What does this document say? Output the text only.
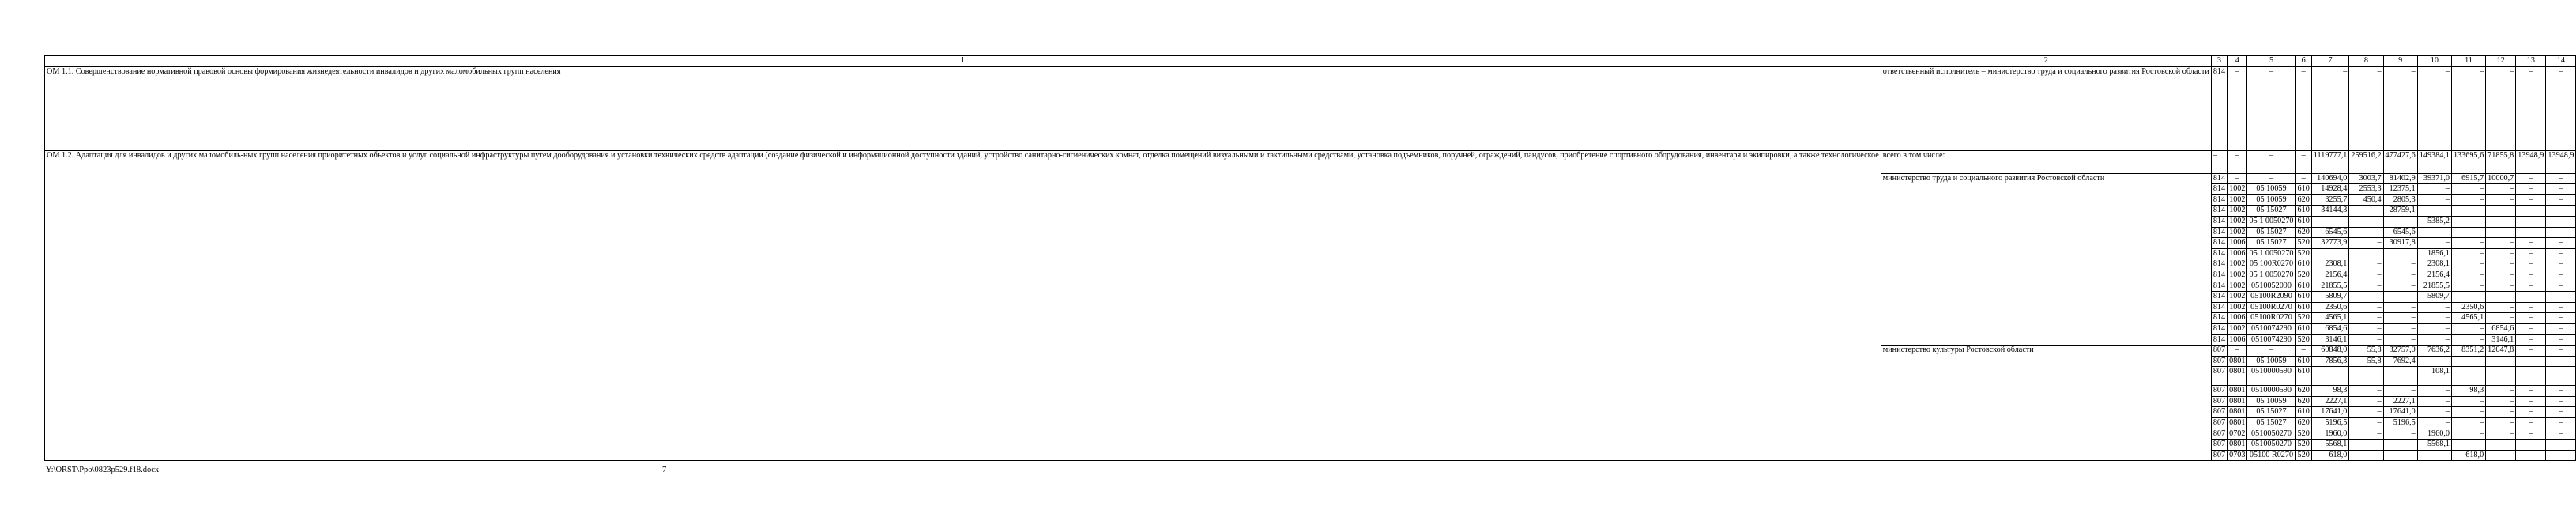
1	2	3	4	5	6	7	8	9	10	11	12	13	14
ОМ 1.1. Совершенствование нормативной правовой основы формирования жизнедеятельности инвалидов и других маломобильных групп населения	ответственный исполнитель – министерство труда и социального развития Ростовской области	814	–	–	–	–	–	–	–	–	–	–	–
ОМ 1.2. Адаптация для инвалидов и других маломобиль-ных групп населения приоритетных объектов и услуг социальной инфраструктуры путем дооборудования и установки технических средств адаптации (создание физической и информационной доступности зданий, устройство санитарно-гигиенических комнат, отделка помещений визуальными и тактильными средствами, установка подъемников, поручней, ограждений, пандусов, приобретение спортивного оборудования, инвентаря и экипировки, а также технологическое	всего в том числе:	–	–	–	–	1119777,1	259516,2	477427,6	149384,1	133695,6	71855,8	13948,9	13948,9
	министерство труда и социального развития Ростовской области	814	–	–	–	140694,0	3003,7	81402,9	39371,0	6915,7	10000,7	–	–
		814	1002	05 10059	610	14928,4	2553,3	12375,1	–	–	–	–	–
		814	1002	05 10059	620	3255,7	450,4	2805,3	–	–	–	–	–
		814	1002	05 15027	610	34144,3	–	28759,1	–	–	–	–	–
		814	1002	05 1 0050270	610				5385,2	–	–	–	–
		814	1002	05 15027	620	6545,6	–	6545,6	–	–	–	–	–
		814	1006	05 15027	520	32773,9	–	30917,8	–	–	–	–	–
		814	1006	05 1 0050270	520				1856,1	–	–	–	–
		814	1002	05 100R0270	610	2308,1	–	–	2308,1	–	–	–	–
		814	1002	05 1 0050270	520	2156,4	–	–	2156,4	–	–	–	–
		814	1002	0510052090	610	21855,5	–	–	21855,5	–	–	–	–
		814	1002	05100R2090	610	5809,7	–	–	5809,7	–	–	–	–
		814	1002	05100R0270	610	2350,6	–	–	–	2350,6	–	–	–
		814	1006	05100R0270	520	4565,1	–	–	–	4565,1	–	–	–
		814	1002	0510074290	610	6854,6	–	–	–	–	6854,6	–	–
		814	1006	0510074290	520	3146,1	–	–	–	–	3146,1	–	–
	министерство культуры Ростовской области	807	–	–	–	60848,0	55,8	32757,0	7636,2	8351,2	12047,8	–	–
		807	0801	05 10059	610	7856,3	55,8	7692,4		–	–	–	–
		807	0801	0510000590	610				108,1				
		807	0801	0510000590	620	98,3	–	–	–	98,3	–	–	–
		807	0801	05 10059	620	2227,1	–	2227,1	–	–	–	–	–
		807	0801	05 15027	610	17641,0	–	17641,0	–	–	–	–	–
		807	0801	05 15027	620	5196,5	–	5196,5	–	–	–	–	–
		807	0702	0510050270	520	1960,0	–	–	1960,0	–	–	–	–
		807	0801	0510050270	520	5568,1	–	–	5568,1	–	–	–	–
		807	0703	05100 R0270	520	618,0	–	–	–	618,0	–	–	–
Y:\ORST\Ppo\0823p529.f18.docx	7
